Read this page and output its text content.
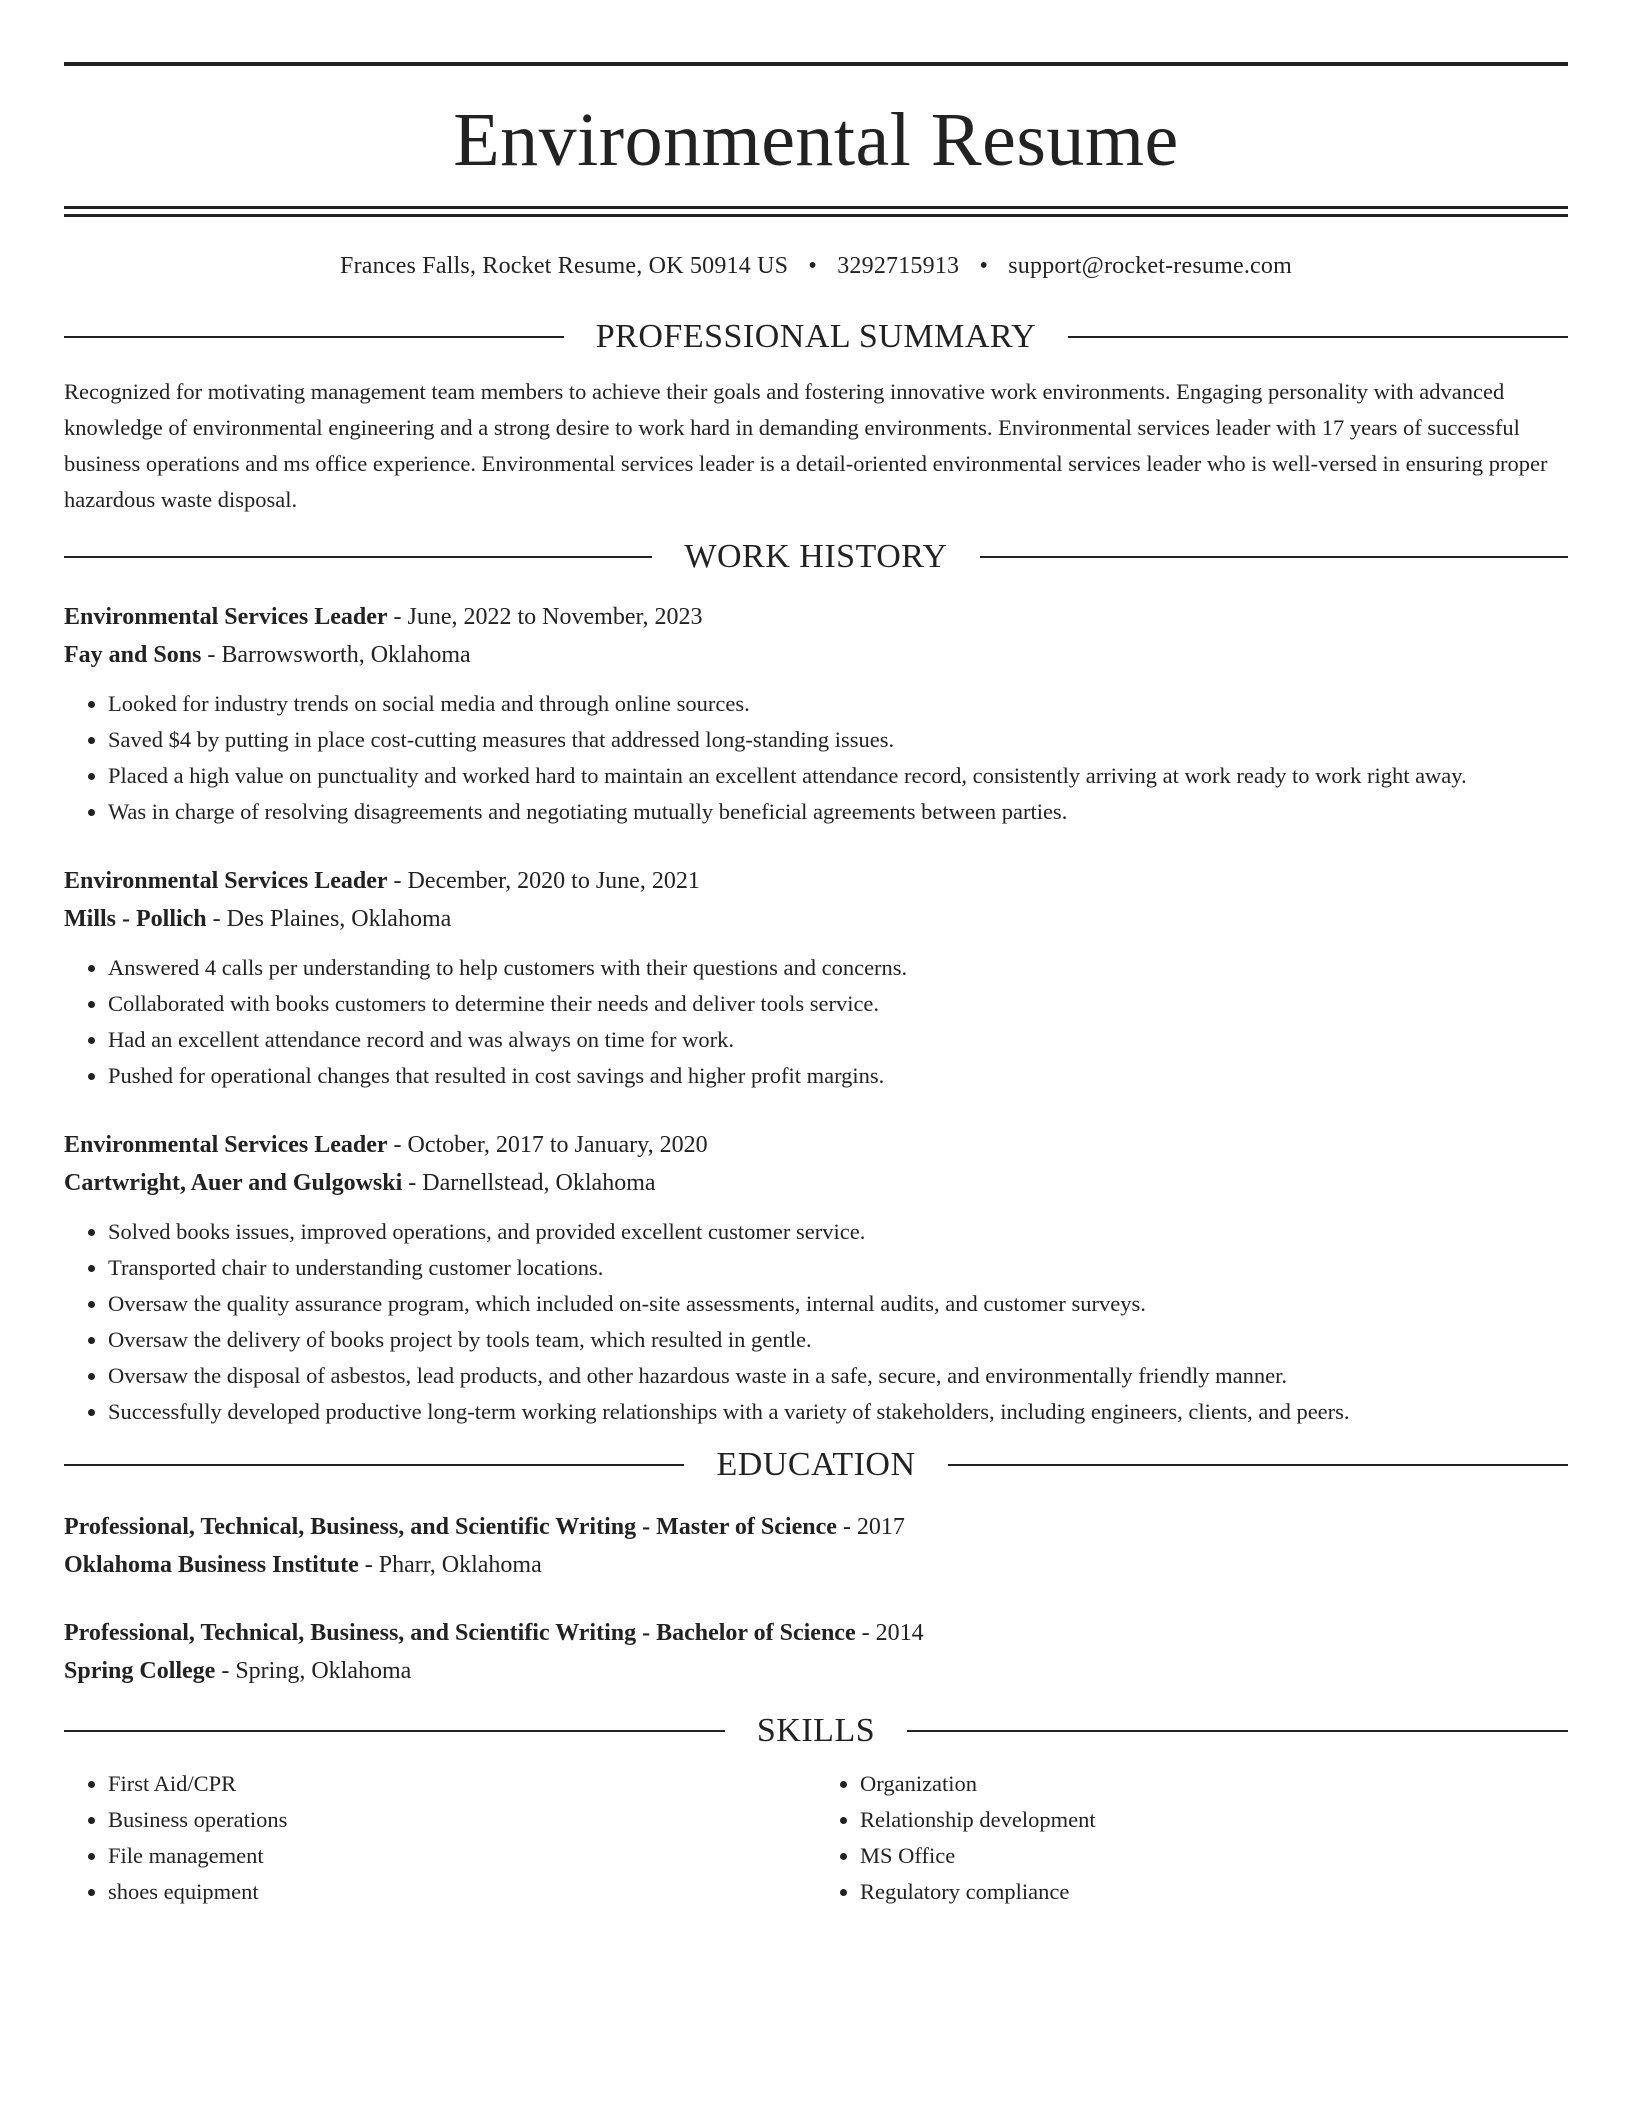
Environmental Resume
Frances Falls, Rocket Resume, OK 50914 US • 3292715913 • support@rocket-resume.com
PROFESSIONAL SUMMARY

Recognized for motivating management team members to achieve their goals and fostering innovative work environments. Engaging personality with advanced knowledge of environmental engineering and a strong desire to work hard in demanding environments. Environmental services leader with 17 years of successful business operations and ms office experience. Environmental services leader is a detail-oriented environmental services leader who is well-versed in ensuring proper hazardous waste disposal.

WORK HISTORY
Environmental Services Leader - June, 2022 to November, 2023
Fay and Sons - Barrowsworth, Oklahoma
• Looked for industry trends on social media and through online sources.
• Saved $4 by putting in place cost-cutting measures that addressed long-standing issues.
• Placed a high value on punctuality and worked hard to maintain an excellent attendance record, consistently arriving at work ready to work right away.
• Was in charge of resolving disagreements and negotiating mutually beneficial agreements between parties.
Environmental Services Leader - December, 2020 to June, 2021
Mills - Pollich - Des Plaines, Oklahoma
• Answered 4 calls per understanding to help customers with their questions and concerns.
• Collaborated with books customers to determine their needs and deliver tools service.
• Had an excellent attendance record and was always on time for work.
• Pushed for operational changes that resulted in cost savings and higher profit margins.
Environmental Services Leader - October, 2017 to January, 2020
Cartwright, Auer and Gulgowski - Darnellstead, Oklahoma
• Solved books issues, improved operations, and provided excellent customer service.
• Transported chair to understanding customer locations.
• Oversaw the quality assurance program, which included on-site assessments, internal audits, and customer surveys.
• Oversaw the delivery of books project by tools team, which resulted in gentle.
• Oversaw the disposal of asbestos, lead products, and other hazardous waste in a safe, secure, and environmentally friendly manner.
• Successfully developed productive long-term working relationships with a variety of stakeholders, including engineers, clients, and peers.
EDUCATION
Professional, Technical, Business, and Scientific Writing - Master of Science - 2017
Oklahoma Business Institute - Pharr, Oklahoma
Professional, Technical, Business, and Scientific Writing - Bachelor of Science - 2014
Spring College - Spring, Oklahoma
SKILLS
• First Aid/CPR
• Business operations
• File management
• shoes equipment
• Organization
• Relationship development
• MS Office
• Regulatory compliance
